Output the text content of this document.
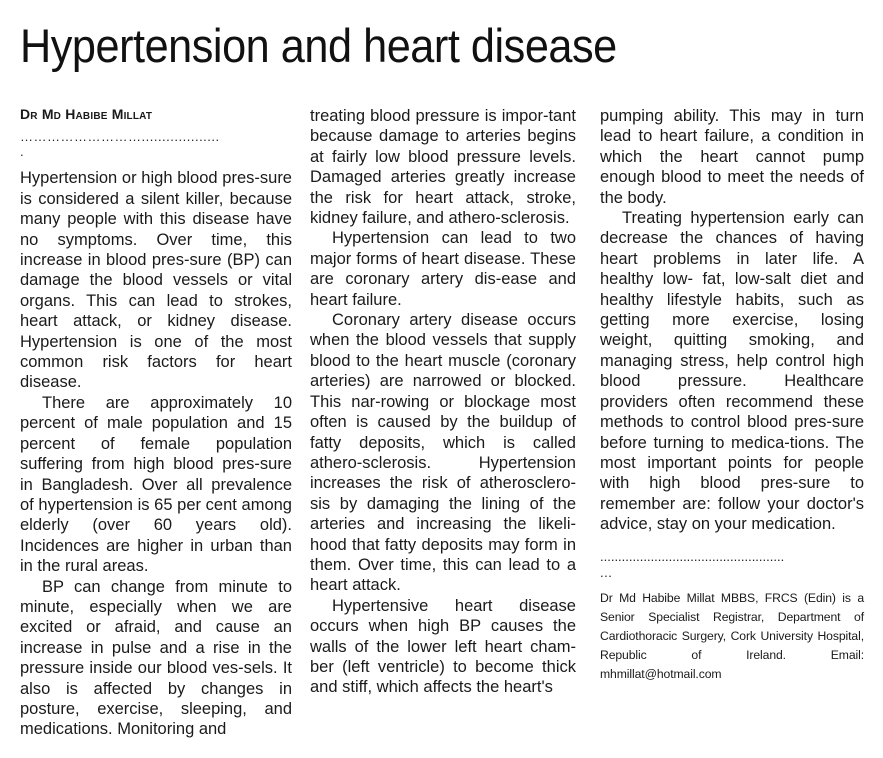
Hypertension and heart disease
Dr Md Habibe Millat
………………………...................
.

Hypertension or high blood pres-sure is considered a silent killer, because many people with this disease have no symptoms. Over time, this increase in blood pres-sure (BP) can damage the blood vessels or vital organs. This can lead to strokes, heart attack, or kidney disease. Hypertension is one of the most common risk factors for heart disease.

There are approximately 10 percent of male population and 15 percent of female population suffering from high blood pres-sure in Bangladesh. Over all prevalence of hypertension is 65 per cent among elderly (over 60 years old). Incidences are higher in urban than in the rural areas.

BP can change from minute to minute, especially when we are excited or afraid, and cause an increase in pulse and a rise in the pressure inside our blood ves-sels. It also is affected by changes in posture, exercise, sleeping, and medications. Monitoring and

treating blood pressure is impor-tant because damage to arteries begins at fairly low blood pressure levels. Damaged arteries greatly increase the risk for heart attack, stroke, kidney failure, and athero-sclerosis.

Hypertension can lead to two major forms of heart disease. These are coronary artery dis-ease and heart failure.

Coronary artery disease occurs when the blood vessels that supply blood to the heart muscle (coronary arteries) are narrowed or blocked. This nar-rowing or blockage most often is caused by the buildup of fatty deposits, which is called athero-sclerosis. Hypertension increases the risk of atherosclero-sis by damaging the lining of the arteries and increasing the likeli-hood that fatty deposits may form in them. Over time, this can lead to a heart attack.

Hypertensive heart disease occurs when high BP causes the walls of the lower left heart cham-ber (left ventricle) to become thick and stiff, which affects the heart's

pumping ability. This may in turn lead to heart failure, a condition in which the heart cannot pump enough blood to meet the needs of the body.

Treating hypertension early can decrease the chances of having heart problems in later life. A healthy low- fat, low-salt diet and healthy lifestyle habits, such as getting more exercise, losing weight, quitting smoking, and managing stress, help control high blood pressure. Healthcare providers often recommend these methods to control blood pres-sure before turning to medica-tions. The most important points for people with high blood pres-sure to remember are: follow your doctor's advice, stay on your medication.

...................................................
...
Dr Md Habibe Millat MBBS, FRCS (Edin) is a Senior Specialist Registrar, Department of Cardiothoracic Surgery, Cork University Hospital, Republic of Ireland. Email: mhmillat@hotmail.com
